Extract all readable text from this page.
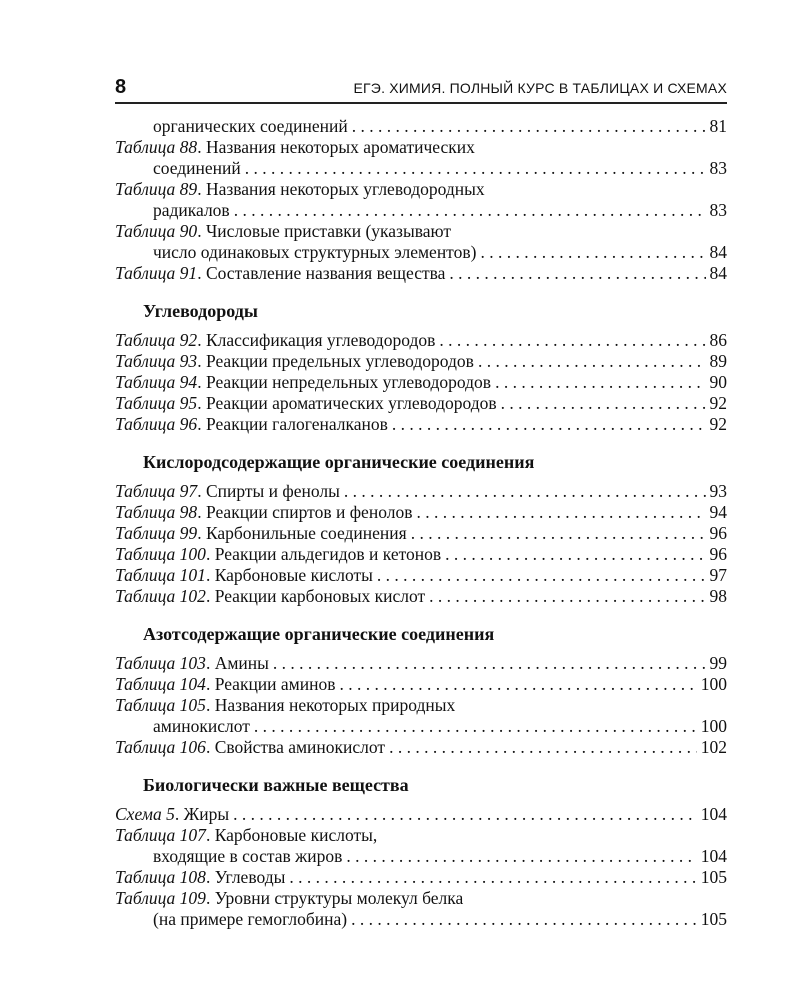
8	ЕГЭ. ХИМИЯ. ПОЛНЫЙ КУРС В ТАБЛИЦАХ И СХЕМАХ
органических соединений . . .	81
Таблица 88 . Названия некоторых ароматических
соединений . . .	83
Таблица 89 . Названия некоторых углеводородных
радикалов . . .	83
Таблица 90 . Числовые приставки (указывают
число одинаковых структурных элементов) . . .	84
Таблица 91 . Составление названия вещества . . .	84
Углеводороды
Таблица 92 . Классификация углеводородов . . .	86
Таблица 93 . Реакции предельных углеводородов . . .	89
Таблица 94 . Реакции непредельных углеводородов . . .	90
Таблица 95 . Реакции ароматических углеводородов . . .	92
Таблица 96 . Реакции галогеналканов . . .	92
Кислородсодержащие органические соединения
Таблица 97 . Спирты и фенолы . . .	93
Таблица 98 . Реакции спиртов и фенолов . . .	94
Таблица 99 . Карбонильные соединения . . .	96
Таблица 100 . Реакции альдегидов и кетонов . . .	96
Таблица 101 . Карбоновые кислоты . . .	97
Таблица 102 . Реакции карбоновых кислот . . .	98
Азотсодержащие органические соединения
Таблица 103 . Амины . . .	99
Таблица 104 . Реакции аминов . . .	100
Таблица 105 . Названия некоторых природных
аминокислот . . .	100
Таблица 106 . Свойства аминокислот . . .	102
Биологически важные вещества
Схема 5 . Жиры . . .	104
Таблица 107 . Карбоновые кислоты,
входящие в состав жиров . . .	104
Таблица 108 . Углеводы . . .	105
Таблица 109 . Уровни структуры молекул белка
(на примере гемоглобина) . . .	105
